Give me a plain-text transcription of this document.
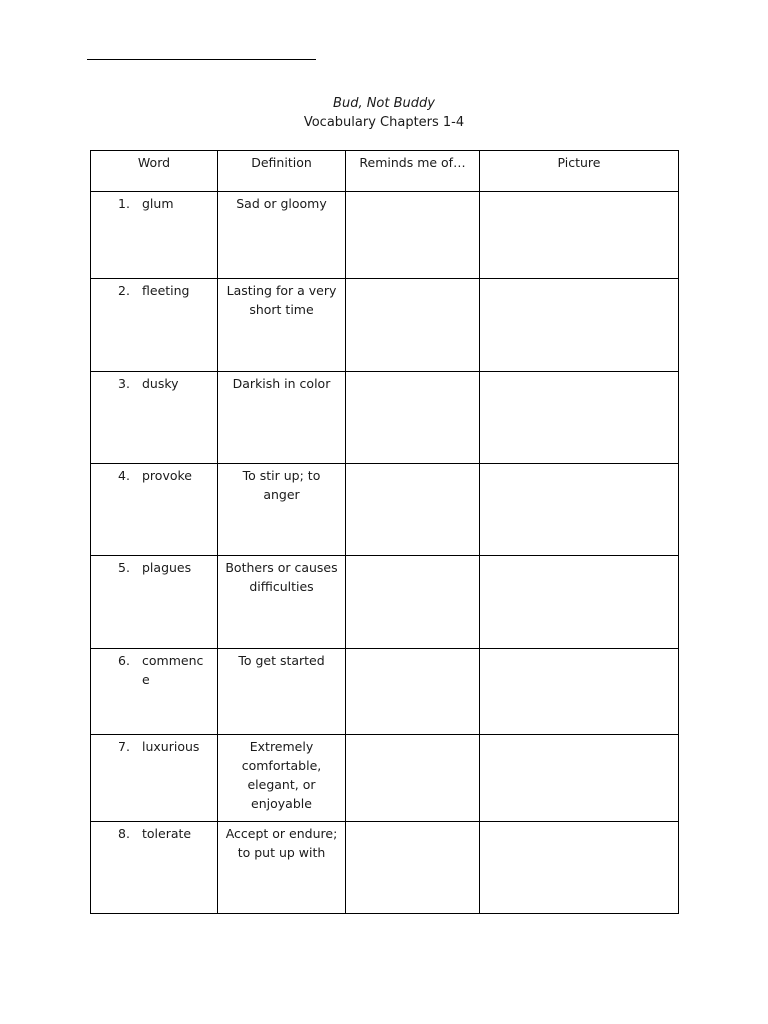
Bud, Not Buddy
Vocabulary Chapters 1-4
Word	Definition	Reminds me of…	Picture

1. glum	Sad or gloomy		

2. fleeting	Lasting for a very short time		

3. dusky	Darkish in color		

4. provoke	To stir up; to anger		

5. plagues	Bothers or causes difficulties		

6. commence	To get started		

7. luxurious	Extremely comfortable, elegant, or enjoyable		

8. tolerate	Accept or endure; to put up with		
